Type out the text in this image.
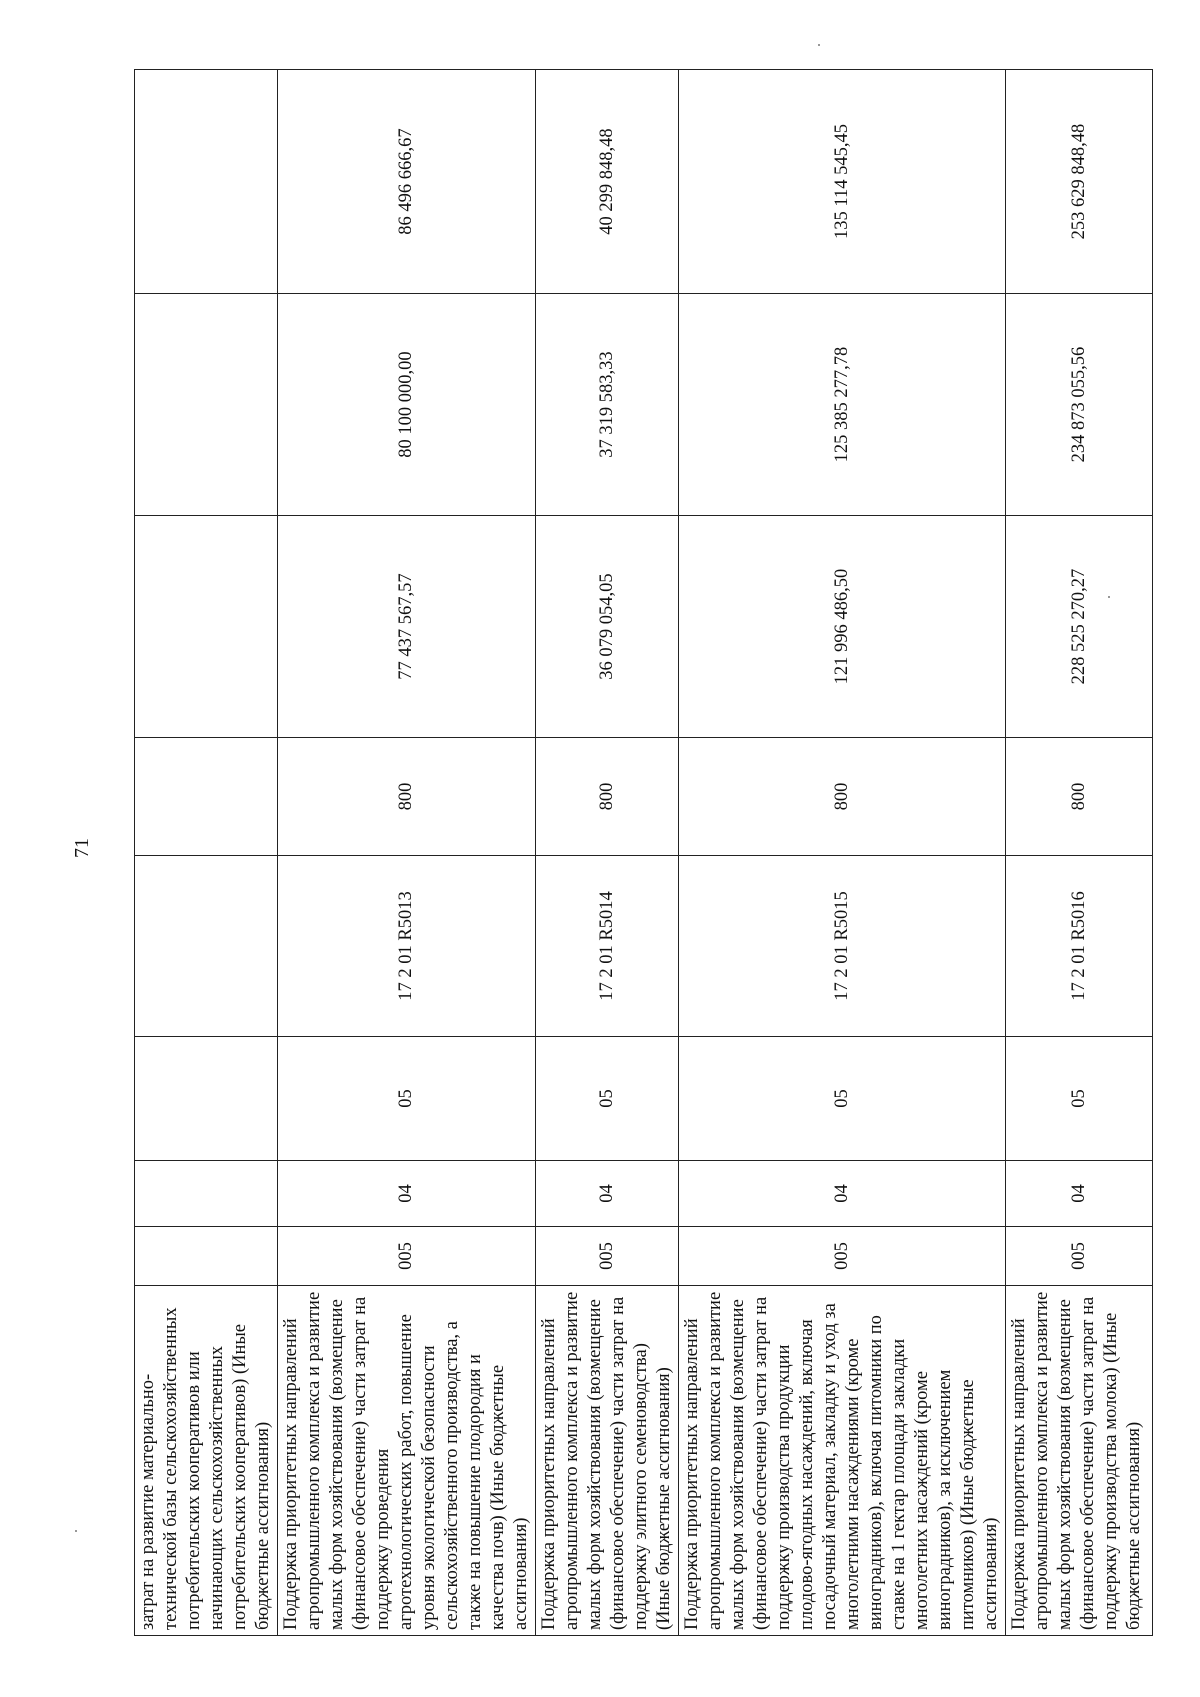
71
затрат на развитие материально-технической базы сельскохозяйственных потребительских кооперативов или начинающих сельскохозяйственных потребительских кооперативов) (Иные бюджетные ассигнования)								
Поддержка приоритетных направлений агропромышленного комплекса и развитие малых форм хозяйствования (возмещение (финансовое обеспечение) части затрат на поддержку проведения агротехнологических работ, повышение уровня экологической безопасности сельскохозяйственного производства, а также на повышение плодородия и качества почв) (Иные бюджетные ассигнования)	005	04	05	17 2 01 R5013	800	77 437 567,57	80 100 000,00	86 496 666,67
Поддержка приоритетных направлений агропромышленного комплекса и развитие малых форм хозяйствования (возмещение (финансовое обеспечение) части затрат на поддержку элитного семеноводства) (Иные бюджетные ассигнования)	005	04	05	17 2 01 R5014	800	36 079 054,05	37 319 583,33	40 299 848,48
Поддержка приоритетных направлений агропромышленного комплекса и развитие малых форм хозяйствования (возмещение (финансовое обеспечение) части затрат на поддержку производства продукции плодово-ягодных насаждений, включая посадочный материал, закладку и уход за многолетними насаждениями (кроме виноградников), включая питомники по ставке на 1 гектар площади закладки многолетних насаждений (кроме виноградников), за исключением питомников) (Иные бюджетные ассигнования)	005	04	05	17 2 01 R5015	800	121 996 486,50	125 385 277,78	135 114 545,45
Поддержка приоритетных направлений агропромышленного комплекса и развитие малых форм хозяйствования (возмещение (финансовое обеспечение) части затрат на поддержку производства молока) (Иные бюджетные ассигнования)	005	04	05	17 2 01 R5016	800	228 525 270,27	234 873 055,56	253 629 848,48
